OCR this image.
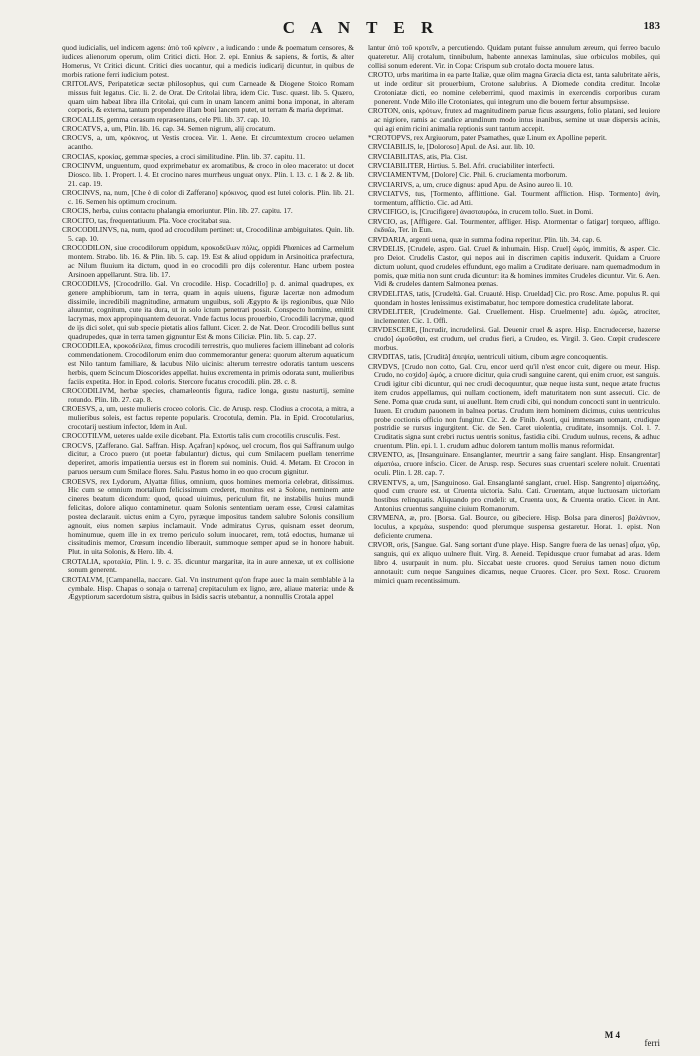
C A N T E R	183

quod iudicialis, uel indicem agens: ἀπὸ τοῦ κρίνειν , a iudicando : unde & poematum censores, & iudices alienorum operum, olim Critici dicti. Hor. 2. epi. Ennius & sapiens, & fortis, & alter Homerus, Vt Critici dicunt. Critici dies uocantur, qui a medicis iudicarij dicuntur, in quibus de morbis ratione ferri iudicium potest.

CRITOLAVS, Peripateticæ sectæ philosophus, qui cum Carneade & Diogene Stoico Romam missus fuit legatus. Cic. li. 2. de Orat. De Critolai libra, idem Cic. Tusc. quæst. lib. 5. Quæro, quam uim habeat libra illa Critolai, qui cum in unam lancem animi bona imponat, in alteram corporis, & externa, tantum propendere illam boni lancem putet, ut terram & maria deprimat.

CROCALLIS, gemma cerasum repræsentans, cele Pli. lib. 37. cap. 10.

CROCATVS, a, um, Plin. lib. 16. cap. 34. Semen nigrum, alij crocatum.

CROCVS, a, um, κρόκινος, ut Vestis crocea. Vir. 1. Aene. Et circumtextum croceo uelamen acantho.

CROCIAS, κροκίας, gemmæ species, a croci similitudine. Plin. lib. 37. capitu. 11.

CROCINVM, unguentum, quod exprimebatur ex aromatibus, & croco in oleo macerato: ut docet Diosco. lib. 1. Propert. l. 4. Et crocino nares murrheus unguat onyx. Plin. l. 13. c. 1 & 2. & lib. 21. cap. 19.

CROCINVS, na, num, [Che è di color di Zafferano] κρόκινος, quod est lutei coloris. Plin. lib. 21. c. 16. Semen his optimum crocinum.

CROCIS, herba, cuius contactu phalangia emoriuntur. Plin. lib. 27. capitu. 17.

CROCITO, tas, frequentatiuum. Pla. Voce crocitabat sua.

CROCODILINVS, na, num, quod ad crocodilum pertinet: ut, Crocodilinæ ambiguitates. Quin. lib. 5. cap. 10.

CROCODILON, siue crocodilorum oppidum, κροκοδείλων πόλις, oppidi Phœnices ad Carmelum montem. Strabo. lib. 16. & Plin. lib. 5. cap. 19. Est & aliud oppidum in Arsinoitica præfectura, ac Nilum fluuium ita dictum, quod in eo crocodili pro dijs colerentur. Hanc urbem postea Arsinoen appellarunt. Stra. lib. 17.

CROCODILVS, [Crocodrillo. Gal. Vn crocodile. Hisp. Cocadrillo] p. d. animal quadrupes, ex genere amphibiorum, tam in terra, quam in aquis uiuens, figuræ lacertæ non admodum dissimile, incredibili magnitudine, armatum unguibus, soli Ægypto & ijs regionibus, quæ Nilo aluuntur, cognitum, cute ita dura, ut in solo ictum penetrari possit. Conspecto homine, emittit lacrymas, mox appropinquantem deuorat. Vnde factus locus prouerbio, Crocodili lacrymæ, quod de ijs dici solet, qui sub specie pietatis alios fallunt. Cicer. 2. de Nat. Deor. Crocodili bellus sunt quadrupedes, quæ in terra tamen gignuntur Est & mons Ciliciæ. Plin. lib. 5. cap. 27.

CROCODILEA, κροκοδείλεα, fimus crocodili terrestris, quo mulieres faciem illinebant ad coloris commendationem. Crocodilorum enim duo commemorantur genera: quorum alterum aquaticum est Nilo tantum familiare, & lacubus Nilo uicinis: alterum terrestre odoratis tantum uescens herbis, quem Scincum Dioscorides appellat. huius excrementa in primis odorata sunt, mulieribus faciis expetita. Hor. in Epod. coloris. Stercore fucatus crocodili. plin. 28. c. 8.

CROCODILIVM, herbæ species, chamæleontis figura, radice longa, gustu nasturtij, semine rotundo. Plin. lib. 27. cap. 8.

CROESVS, a, um, ueste mulieris croceo coloris. Cic. de Arusp. resp. Clodius a crocota, a mitra, a mulieribus soleis, est factus repente popularis. Crocotula, demin. Pla. in Epid. Crocotularius, crocotarij uestium infector, Idem in Aul.

CROCOTILVM, ueteres ualde exile dicebant. Pla. Extortis talis cum crocotilis crusculis. Fest.

CROCVS, [Zafferano. Gal. Saffran. Hisp. Açafran] κρόκος, uel crocum, flos qui Saffranum uulgo dicitur, a Croco puero (ut poetæ fabulantur) dictus, qui cum Smilacem puellam tenerrime deperiret, amoris impatientia uersus est in florem sui nominis. Ouid. 4. Metam. Et Crocon in paruos uersum cum Smilace flores. Salu. Pastus homo in eo quo crocum gignitur.

CROESVS, rex Lydorum, Alyattæ filius, omnium, quos homines memoria celebrat, ditissimus. Hic cum se omnium mortalium felicissimum crederet, monitus est a Solone, neminem ante cineres beatum dicendum: quod, quoad uiuimus, periculum fit, ne instabilis huius mundi felicitas, dolore aliquo contaminetur. quam Solonis sententiam ueram esse, Crœsi calamitas postea declarauit. uictus enim a Cyro, pyræque impositus tandem salubre Solonis consilium agnouit, eius nomen sæpius inclamauit. Vnde admiratus Cyrus, quisnam esset deorum, hominumue, quem ille in ex tremo periculo solum inuocaret, rem, totá edoctus, humanæ ui cissitudinis memor, Crœsum incendio liberauit, summoque semper apud se in honore habuit. Plut. in uita Solonis, & Hero. lib. 4.

CROTALIA, κροταλία, Plin. l. 9. c. 35. dicuntur margaritæ, ita in aure annexæ, ut ex collisione sonum generent.

CROTALVM, [Campanella, naccare. Gal. Vn instrument qu'on frape auec la main semblable à la cymbale. Hisp. Chapas o sonaja o tarrena] crepitaculum ex ligno, ære, aliaue materia: unde & Ægyptiorum sacerdotum sistra, quibus in Isidis sacris utebantur, a nonnullis Crotala appel

lantur ἀπὸ τοῦ κροτεῖν, a percutiendo. Quidam putant fuisse annulum æreum, qui ferreo baculo quateretur. Alij crotalum, tinnibulum, habente annexas laminulas, siue orbiculos mobiles, qui collisi sonum ederent. Vir. in Copa: Crispum sub crotalo docta mouere latus.

CROTO, urbs maritima in ea parte Italiæ, quæ olim magna Græcia dicta est, tanta salubritate aëris, ut inde orditur sit prouerbium, Crotone salubrius. A Diomede condita creditur. Incolæ Crotoniatæ dicti, eo nomine celeberrimi, quod maximis in exercendis corporibus curam ponerent. Vnde Milo ille Crotoniates, qui integrum uno die bouem fertur absumpsisse.

CROTON, onis, κρότων, frutex ad magnitudinem paruæ ficus assurgens, folio platani, sed leuiore ac nigriore, ramis ac candice arundinum modo intus inanibus, semine ut uuæ dispersis acinis, qui agi enim ricini animalia reptionis sunt tantum accepit.

*CROTOPVS, rex Argiuorum, pater Psamathes, quæ Linum ex Apolline peperit.

CRVCIABILIS, le, [Doloroso] Apul. de Asi. aur. lib. 10.

CRVCIABILITAS, atis, Pla. Cist.

CRVCIABILITER, Hirtius. 5. Bel. Afri. cruciabiliter interfecti.

CRVCIAMENTVM, [Dolore] Cic. Phil. 6. cruciamenta morborum.

CRVCIARIVS, a, um, cruce dignus: apud Apu. de Asino aureo li. 10.

CRVCIATVS, tus, [Tormento, afflittione. Gal. Tourment affliction. Hisp. Tormento] ἀνίη, tormentum, afflictio. Cic. ad Atti.

CRVCIFIGO, is, [Crucifigere] ἀνασταυρόω, in crucem tollo. Suet. in Domi.

CRVCIO, as, [Affligere. Gal. Tourmenter, affliger. Hisp. Atormentar o fatigar] torqueo, affligo. ἐκδικ͂ω, Ter. in Eun.

CRVDARIA, argenti uena, quæ in summa fodina reperitur. Plin. lib. 34. cap. 6.

CRVDELIS, [Crudele, aspro. Gal. Cruel & inhumain. Hisp. Cruel] ὠμός, immitis, & asper. Cic. pro Deiot. Crudelis Castor, qui nepos aui in discrimen capitis induxerit. Quidam a Cruore dictum uolunt, quod crudeles effundunt, ego malim a Cruditate deriuare. nam quemadmodum in pomis, quæ mitia non sunt cruda dicuntur: ita & homines immites Crudeles dicuntur. Vir. 6. Aen. Vidi & crudeles dantem Salmonea pœnas.

CRVDELITAS, tatis, [Crudeltà. Gal. Cruauté. Hisp. Crueldad] Cic. pro Rosc. Ame. populus R. qui quondam in hostes lenissimus existimabatur, hoc tempore domestica crudelitate laborat.

CRVDELITER, [Crudelmente. Gal. Cruellement. Hisp. Cruelmente] adu. ὠμῶς, atrociter, inclementer. Cic. 1. Offi.

CRVDESCERE, [Incrudir, incrudelirsi. Gal. Deuenir cruel & aspre. Hisp. Encrudecerse, hazerse crudo] ὠμοῦσθαι, est crudum, uel crudus fieri, a Crudeo, es. Virgil. 3. Geo. Cœpit crudescere morbus.

CRVDITAS, tatis, [Crudità] ἀπεψία, uentriculi uitium, cibum ægre concoquentis.

CRVDVS, [Crudo non cotto, Gal. Cru, encor uerd qu'il n'est encor cuit, digere ou meur. Hisp. Crudo, no coʒido] ὠμός, a cruore dicitur, quia crudi sanguine carent, qui enim cruor, est sanguis. Crudi igitur cibi dicuntur, qui nec crudi decoquuntur, quæ neque iusta sunt, neque ætate fructus item crudos appellamus, qui nullam coctionem, ideft maturitatem non sunt assecuti. Cic. de Sene. Poma quæ cruda sunt, ui auellunt. Item crudi cibi, qui nondum concocti sunt in uentriculo. Iuuen. Et crudum pauonem in balnea portas. Crudum item hominem dicimus, cuius uentriculus probe coctionis officio non fungitur. Cic. 2. de Finib. Asoti, qui immensam uomant, crudique postridie se rursus ingurgitent. Cic. de Sen. Caret uiolentia, cruditate, insomnijs. Col. l. 7. Cruditatis signa sunt crebri ructus uentris sonitus, fastidia cibi. Crudum uulnus, recens, & adhuc cruentum. Plin. epi. l. 1. crudum adhuc dolorem tantum mollis manus reformidat.

CRVENTO, as, [Insanguinare. Ensanglanter, meurtrir a sang faire sanglant. Hisp. Ensangrentar] αἱματόω, cruore infscio. Cicer. de Arusp. resp. Secures suas cruentari scelere noluit. Cruentati oculi. Plin. l. 28. cap. 7.

CRVENTVS, a, um, [Sanguinoso. Gal. Ensanglanté sanglant, cruel. Hisp. Sangrento] αἱματώδης, quod cum cruore est. ut Cruenta uictoria. Salu. Cati. Cruentam, atque luctuosam uictoriam hostibus relinquatis. Aliquando pro crudeli: ut, Cruenta uox, & Cruenta oratio. Cicer. in Ant. Antonius cruentus sanguine ciuium Romanorum.

CRVMENA, æ, pro. [Borsa. Gal. Bource, ou gibeciere. Hisp. Bolsa para dineros] βαλάντιον, loculus, a κρεμάω, suspendo: quod plerumque suspensa gestaretur. Horat. 1. epist. Non deficiente crumena.

CRVOR, oris, [Sangue. Gal. Sang sortant d'une playe. Hisp. Sangre fuera de las uenas] αἷμα, γῦρ, sanguis, qui ex aliquo uulnere fluit. Virg. 8. Aeneid. Tepidusque cruor fumabat ad aras. Idem libro 4. usurpauit in num. plu. Siccabat ueste cruores. quod Seruius tamen nouo dictum annotauit: cum neque Sanguines dicamus, neque Cruores. Cicer. pro Sext. Rosc. Cruorem mimici quam recentissimum.

M 4
ferri
